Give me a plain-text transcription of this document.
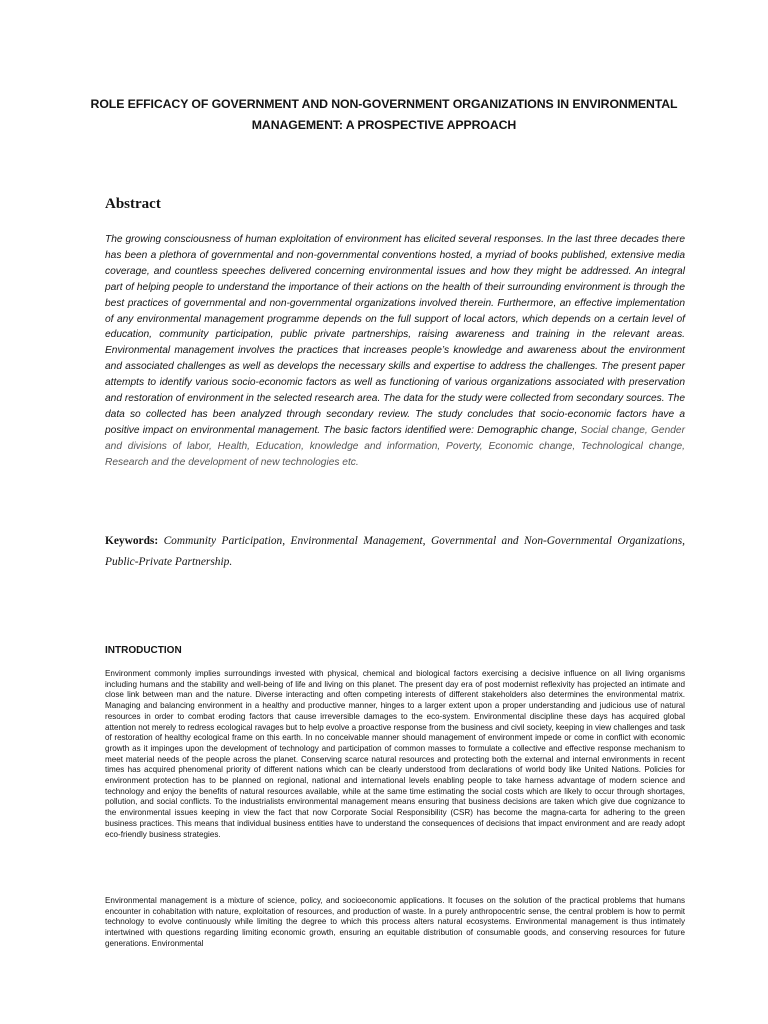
ROLE EFFICACY OF GOVERNMENT AND NON-GOVERNMENT ORGANIZATIONS IN ENVIRONMENTAL MANAGEMENT: A PROSPECTIVE APPROACH
Abstract

The growing consciousness of human exploitation of environment has elicited several responses. In the last three decades there has been a plethora of governmental and non-governmental conventions hosted, a myriad of books published, extensive media coverage, and countless speeches delivered concerning environmental issues and how they might be addressed. An integral part of helping people to understand the importance of their actions on the health of their surrounding environment is through the best practices of governmental and non-governmental organizations involved therein. Furthermore, an effective implementation of any environmental management programme depends on the full support of local actors, which depends on a certain level of education, community participation, public private partnerships, raising awareness and training in the relevant areas. Environmental management involves the practices that increases people’s knowledge and awareness about the environment and associated challenges as well as develops the necessary skills and expertise to address the challenges. The present paper attempts to identify various socio-economic factors as well as functioning of various organizations associated with preservation and restoration of environment in the selected research area. The data for the study were collected from secondary sources. The data so collected has been analyzed through secondary review. The study concludes that socio-economic factors have a positive impact on environmental management. The basic factors identified were: Demographic change, Social change, Gender and divisions of labor, Health, Education, knowledge and information, Poverty, Economic change, Technological change, Research and the development of new technologies etc.

Keywords: Community Participation, Environmental Management, Governmental and Non-Governmental Organizations, Public-Private Partnership.

INTRODUCTION

Environment commonly implies surroundings invested with physical, chemical and biological factors exercising a decisive influence on all living organisms including humans and the stability and well-being of life and living on this planet. The present day era of post modernist reflexivity has projected an intimate and close link between man and the nature. Diverse interacting and often competing interests of different stakeholders also determines the environmental matrix. Managing and balancing environment in a healthy and productive manner, hinges to a larger extent upon a proper understanding and judicious use of natural resources in order to combat eroding factors that cause irreversible damages to the eco-system. Environmental discipline these days has acquired global attention not merely to redress ecological ravages but to help evolve a proactive response from the business and civil society, keeping in view challenges and task of restoration of healthy ecological frame on this earth. In no conceivable manner should management of environment impede or come in conflict with economic growth as it impinges upon the development of technology and participation of common masses to formulate a collective and effective response mechanism to meet material needs of the people across the planet. Conserving scarce natural resources and protecting both the external and internal environments in recent times has acquired phenomenal priority of different nations which can be clearly understood from declarations of world body like United Nations. Policies for environment protection has to be planned on regional, national and international levels enabling people to take harness advantage of modern science and technology and enjoy the benefits of natural resources available, while at the same time estimating the social costs which are likely to occur through shortages, pollution, and social conflicts. To the industrialists environmental management means ensuring that business decisions are taken which give due cognizance to the environmental issues keeping in view the fact that now Corporate Social Responsibility (CSR) has become the magna-carta for adhering to the green business practices. This means that individual business entities have to understand the consequences of decisions that impact environment and are ready adopt eco-friendly business strategies.

Environmental management is a mixture of science, policy, and socioeconomic applications. It focuses on the solution of the practical problems that humans encounter in cohabitation with nature, exploitation of resources, and production of waste. In a purely anthropocentric sense, the central problem is how to permit technology to evolve continuously while limiting the degree to which this process alters natural ecosystems. Environmental management is thus intimately intertwined with questions regarding limiting economic growth, ensuring an equitable distribution of consumable goods, and conserving resources for future generations. Environmental
